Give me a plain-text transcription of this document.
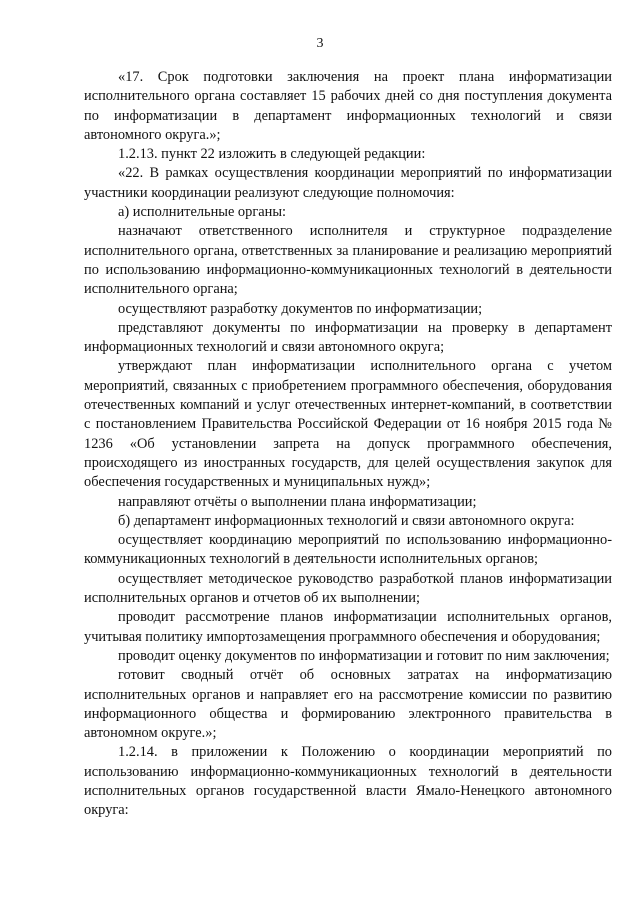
3

«17. Срок подготовки заключения на проект плана информатизации исполнительного органа составляет 15 рабочих дней со дня поступления документа по информатизации в департамент информационных технологий и связи автономного округа.»;

1.2.13. пункт 22 изложить в следующей редакции:

«22. В рамках осуществления координации мероприятий по информатизации участники координации реализуют следующие полномочия:

а) исполнительные органы:

назначают ответственного исполнителя и структурное подразделение исполнительного органа, ответственных за планирование и реализацию мероприятий по использованию информационно-коммуникационных технологий в деятельности исполнительного органа;

осуществляют разработку документов по информатизации;

представляют документы по информатизации на проверку в департамент информационных технологий и связи автономного округа;

утверждают план информатизации исполнительного органа с учетом мероприятий, связанных с приобретением программного обеспечения, оборудования отечественных компаний и услуг отечественных интернет-компаний, в соответствии с постановлением Правительства Российской Федерации от 16 ноября 2015 года № 1236 «Об установлении запрета на допуск программного обеспечения, происходящего из иностранных государств, для целей осуществления закупок для обеспечения государственных и муниципальных нужд»;

направляют отчёты о выполнении плана информатизации;

б) департамент информационных технологий и связи автономного округа:

осуществляет координацию мероприятий по использованию информационно-коммуникационных технологий в деятельности исполнительных органов;

осуществляет методическое руководство разработкой планов информатизации исполнительных органов и отчетов об их выполнении;

проводит рассмотрение планов информатизации исполнительных органов, учитывая политику импортозамещения программного обеспечения и оборудования;

проводит оценку документов по информатизации и готовит по ним заключения;

готовит сводный отчёт об основных затратах на информатизацию исполнительных органов и направляет его на рассмотрение комиссии по развитию информационного общества и формированию электронного правительства в автономном округе.»;

1.2.14. в приложении к Положению о координации мероприятий по использованию информационно-коммуникационных технологий в деятельности исполнительных органов государственной власти Ямало-Ненецкого автономного округа:
